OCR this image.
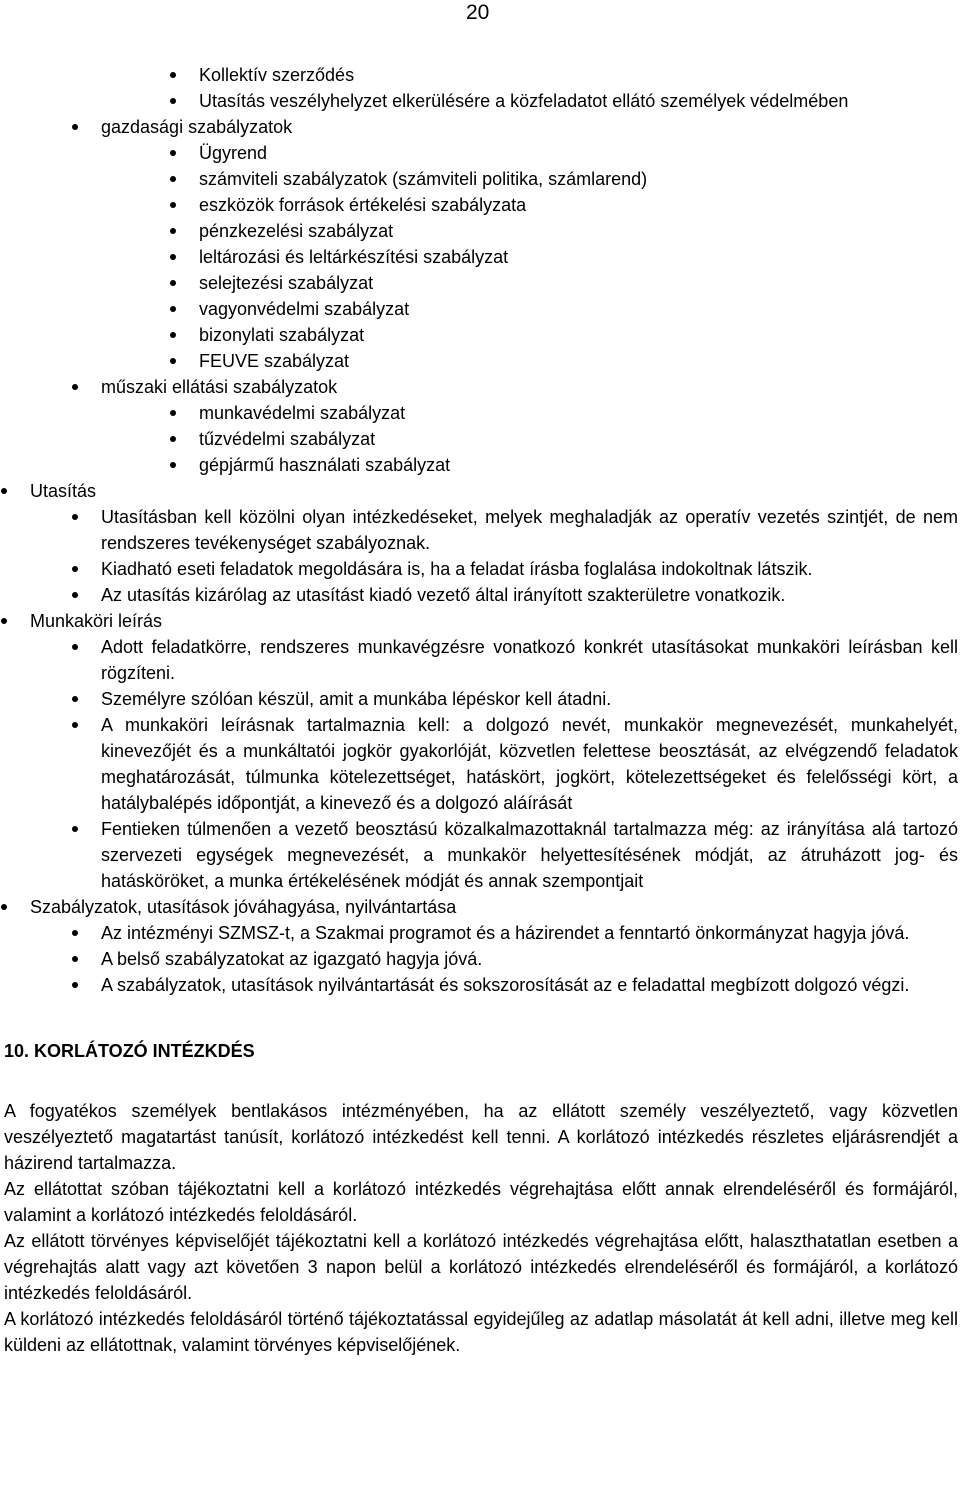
20

Kollektív szerződés

Utasítás veszélyhelyzet elkerülésére a közfeladatot ellátó személyek védelmében

gazdasági szabályzatok

Ügyrend

számviteli szabályzatok (számviteli politika, számlarend)

eszközök források értékelési szabályzata

pénzkezelési szabályzat

leltározási és leltárkészítési szabályzat

selejtezési szabályzat

vagyonvédelmi szabályzat

bizonylati szabályzat

FEUVE szabályzat

műszaki ellátási szabályzatok

munkavédelmi szabályzat

tűzvédelmi szabályzat

gépjármű használati szabályzat

Utasítás

Utasításban kell közölni olyan intézkedéseket, melyek meghaladják az operatív vezetés szintjét, de nem rendszeres tevékenységet szabályoznak.

Kiadható eseti feladatok megoldására is, ha a feladat írásba foglalása indokoltnak látszik.

Az utasítás kizárólag az utasítást kiadó vezető által irányított szakterületre vonatkozik.

Munkaköri leírás

Adott feladatkörre, rendszeres munkavégzésre vonatkozó konkrét utasításokat munkaköri leírásban kell rögzíteni.

Személyre szólóan készül, amit a munkába lépéskor kell átadni.

A munkaköri leírásnak tartalmaznia kell: a dolgozó nevét, munkakör megnevezését, munkahelyét, kinevezőjét és a munkáltatói jogkör gyakorlóját, közvetlen felettese beosztását, az elvégzendő feladatok meghatározását, túlmunka kötelezettséget, hatáskört, jogkört, kötelezettségeket és felelősségi kört, a hatálybalépés időpontját, a kinevező és a dolgozó aláírását

Fentieken túlmenően a vezető beosztású közalkalmazottaknál tartalmazza még: az irányítása alá tartozó szervezeti egységek megnevezését, a munkakör helyettesítésének módját, az átruházott jog- és hatásköröket, a munka értékelésének módját és annak szempontjait

Szabályzatok, utasítások jóváhagyása, nyilvántartása

Az intézményi SZMSZ-t, a Szakmai programot és a házirendet a fenntartó önkormányzat hagyja jóvá.

A belső szabályzatokat az igazgató hagyja jóvá.

A szabályzatok, utasítások nyilvántartását és sokszorosítását az e feladattal megbízott dolgozó végzi.

10. KORLÁTOZÓ INTÉZKDÉS

A fogyatékos személyek bentlakásos intézményében, ha az ellátott személy veszélyeztető, vagy közvetlen veszélyeztető magatartást tanúsít, korlátozó intézkedést kell tenni. A korlátozó intézkedés részletes eljárásrendjét a házirend tartalmazza.

Az ellátottat szóban tájékoztatni kell a korlátozó intézkedés végrehajtása előtt annak elrendeléséről és formájáról, valamint a korlátozó intézkedés feloldásáról.

Az ellátott törvényes képviselőjét tájékoztatni kell a korlátozó intézkedés végrehajtása előtt, halaszthatatlan esetben a végrehajtás alatt vagy azt követően 3 napon belül a korlátozó intézkedés elrendeléséről és formájáról, a korlátozó intézkedés feloldásáról.

A korlátozó intézkedés feloldásáról történő tájékoztatással egyidejűleg az adatlap másolatát át kell adni, illetve meg kell küldeni az ellátottnak, valamint törvényes képviselőjének.
